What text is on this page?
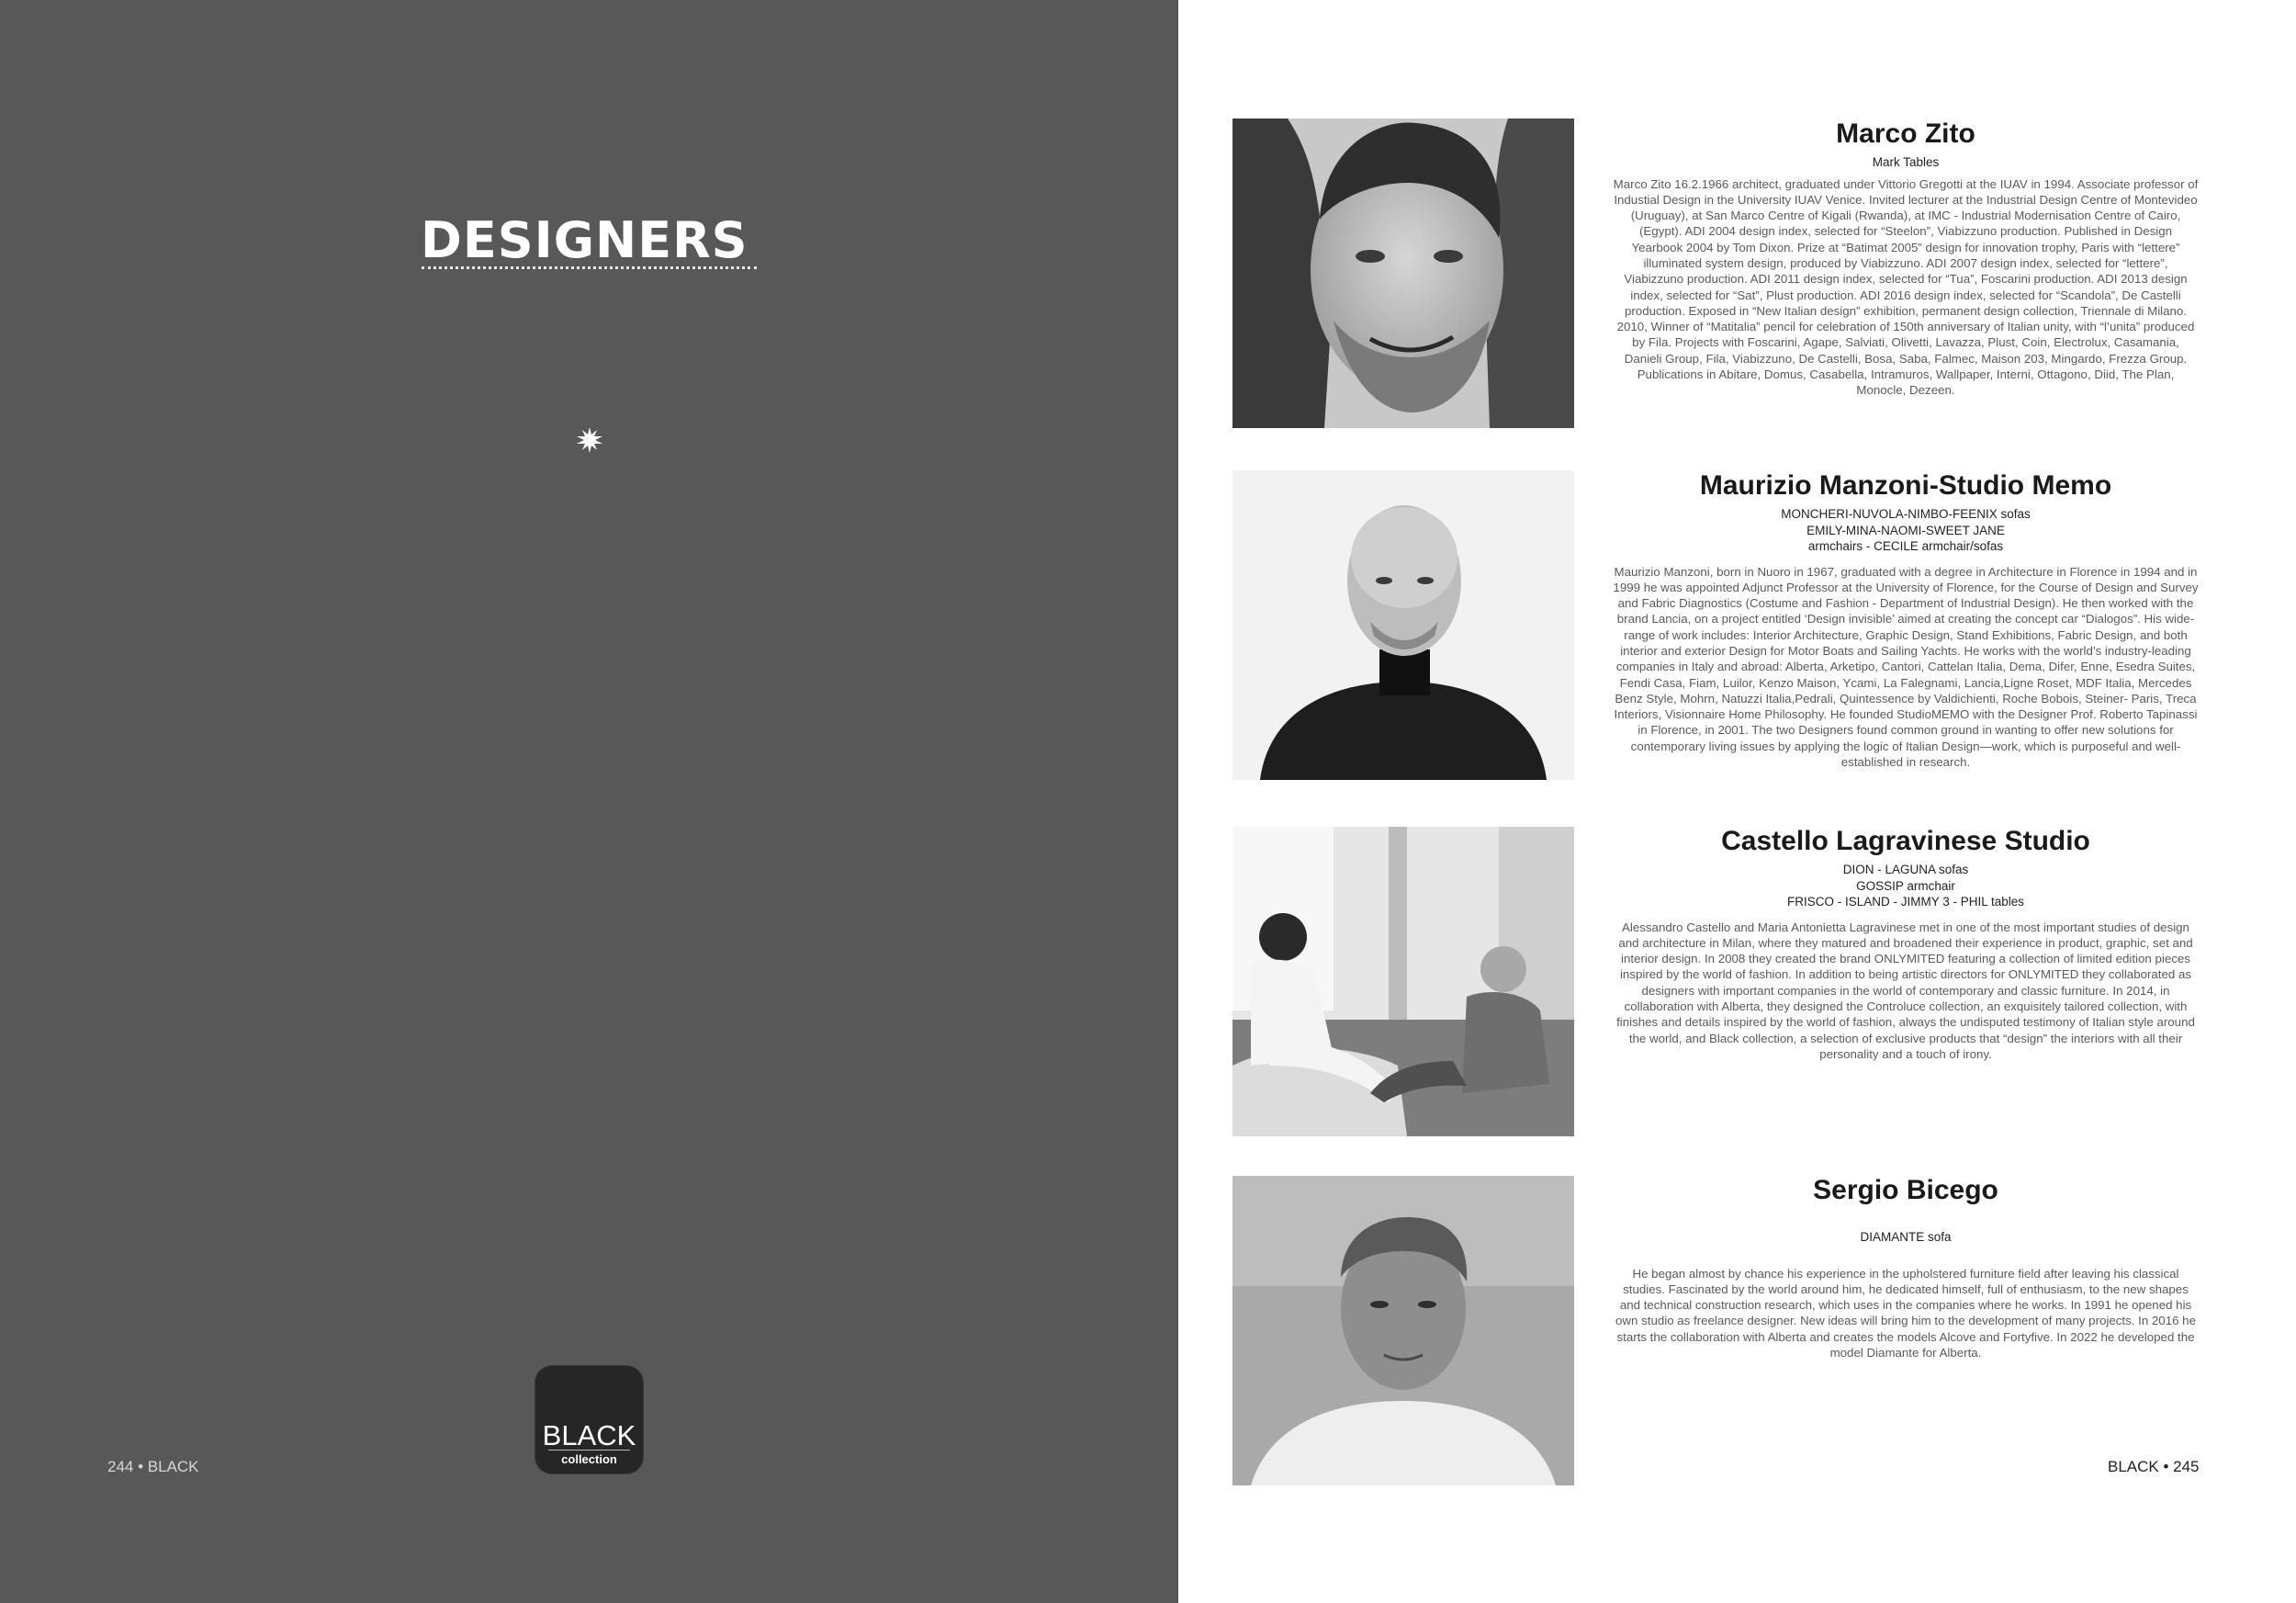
DESIGNERS
BLACK
collection
244 • BLACK
Marco Zito

Mark Tables

Marco Zito 16.2.1966 architect, graduated under Vittorio Gregotti at the IUAV in 1994. Associate professor of Industial Design in the University IUAV Venice. Invited lecturer at the Industrial Design Centre of Montevideo (Uruguay), at San Marco Centre of Kigali (Rwanda), at IMC - Industrial Modernisation Centre of Cairo, (Egypt). ADI 2004 design index, selected for “Steelon”, Viabizzuno production. Published in Design Yearbook 2004 by Tom Dixon. Prize at “Batimat 2005” design for innovation trophy, Paris with “lettere” illuminated system design, produced by Viabizzuno. ADI 2007 design index, selected for “lettere”, Viabizzuno production. ADI 2011 design index, selected for “Tua”, Foscarini production. ADI 2013 design index, selected for “Sat”, Plust production. ADI 2016 design index, selected for “Scandola”, De Castelli production. Exposed in “New Italian design” exhibition, permanent design collection, Triennale di Milano. 2010, Winner of “Matitalia” pencil for celebration of 150th anniversary of Italian unity, with “l’unita” produced by Fila. Projects with Foscarini, Agape, Salviati, Olivetti, Lavazza, Plust, Coin, Electrolux, Casamania, Danieli Group, Fila, Viabizzuno, De Castelli, Bosa, Saba, Falmec, Maison 203, Mingardo, Frezza Group. Publications in Abitare, Domus, Casabella, Intramuros, Wallpaper, Interni, Ottagono, Diid, The Plan, Monocle, Dezeen.

Maurizio Manzoni-Studio Memo

MONCHERI-NUVOLA-NIMBO-FEENIX sofas

EMILY-MINA-NAOMI-SWEET JANE

armchairs - CECILE armchair/sofas

Maurizio Manzoni, born in Nuoro in 1967, graduated with a degree in Architecture in Florence in 1994 and in 1999 he was appointed Adjunct Professor at the University of Florence, for the Course of Design and Survey and Fabric Diagnostics (Costume and Fashion - Department of Industrial Design). He then worked with the brand Lancia, on a project entitled ‘Design invisible’ aimed at creating the concept car “Dialogos”. His wide-range of work includes: Interior Architecture, Graphic Design, Stand Exhibitions, Fabric Design, and both interior and exterior Design for Motor Boats and Sailing Yachts. He works with the world’s industry-leading companies in Italy and abroad: Alberta, Arketipo, Cantori, Cattelan Italia, Dema, Difer, Enne, Esedra Suites, Fendi Casa, Fiam, Luilor, Kenzo Maison, Ycami, La Falegnami, Lancia,Ligne Roset, MDF Italia, Mercedes Benz Style, Mohrn, Natuzzi Italia,Pedrali, Quintessence by Valdichienti, Roche Bobois, Steiner- Paris, Treca Interiors, Visionnaire Home Philosophy. He founded StudioMEMO with the Designer Prof. Roberto Tapinassi in Florence, in 2001. The two Designers found common ground in wanting to offer new solutions for contemporary living issues by applying the logic of Italian Design—work, which is purposeful and well-established in research.

Castello Lagravinese Studio

DION - LAGUNA sofas

GOSSIP armchair

FRISCO - ISLAND - JIMMY 3 - PHIL tables

Alessandro Castello and Maria Antonietta Lagravinese met in one of the most important studies of design and architecture in Milan, where they matured and broadened their experience in product, graphic, set and interior design. In 2008 they created the brand ONLYMITED featuring a collection of limited edition pieces inspired by the world of fashion. In addition to being artistic directors for ONLYMITED they collaborated as designers with important companies in the world of contemporary and classic furniture. In 2014, in collaboration with Alberta, they designed the Controluce collection, an exquisitely tailored collection, with finishes and details inspired by the world of fashion, always the undisputed testimony of Italian style around the world, and Black collection, a selection of exclusive products that “design” the interiors with all their personality and a touch of irony.

Sergio Bicego

DIAMANTE sofa

He began almost by chance his experience in the upholstered furniture field after leaving his classical studies. Fascinated by the world around him, he dedicated himself, full of enthusiasm, to the new shapes and technical construction research, which uses in the companies where he works. In 1991 he opened his own studio as freelance designer. New ideas will bring him to the development of many projects. In 2016 he starts the collaboration with Alberta and creates the models Alcove and Fortyfive. In 2022 he developed the model Diamante for Alberta.

BLACK • 245
